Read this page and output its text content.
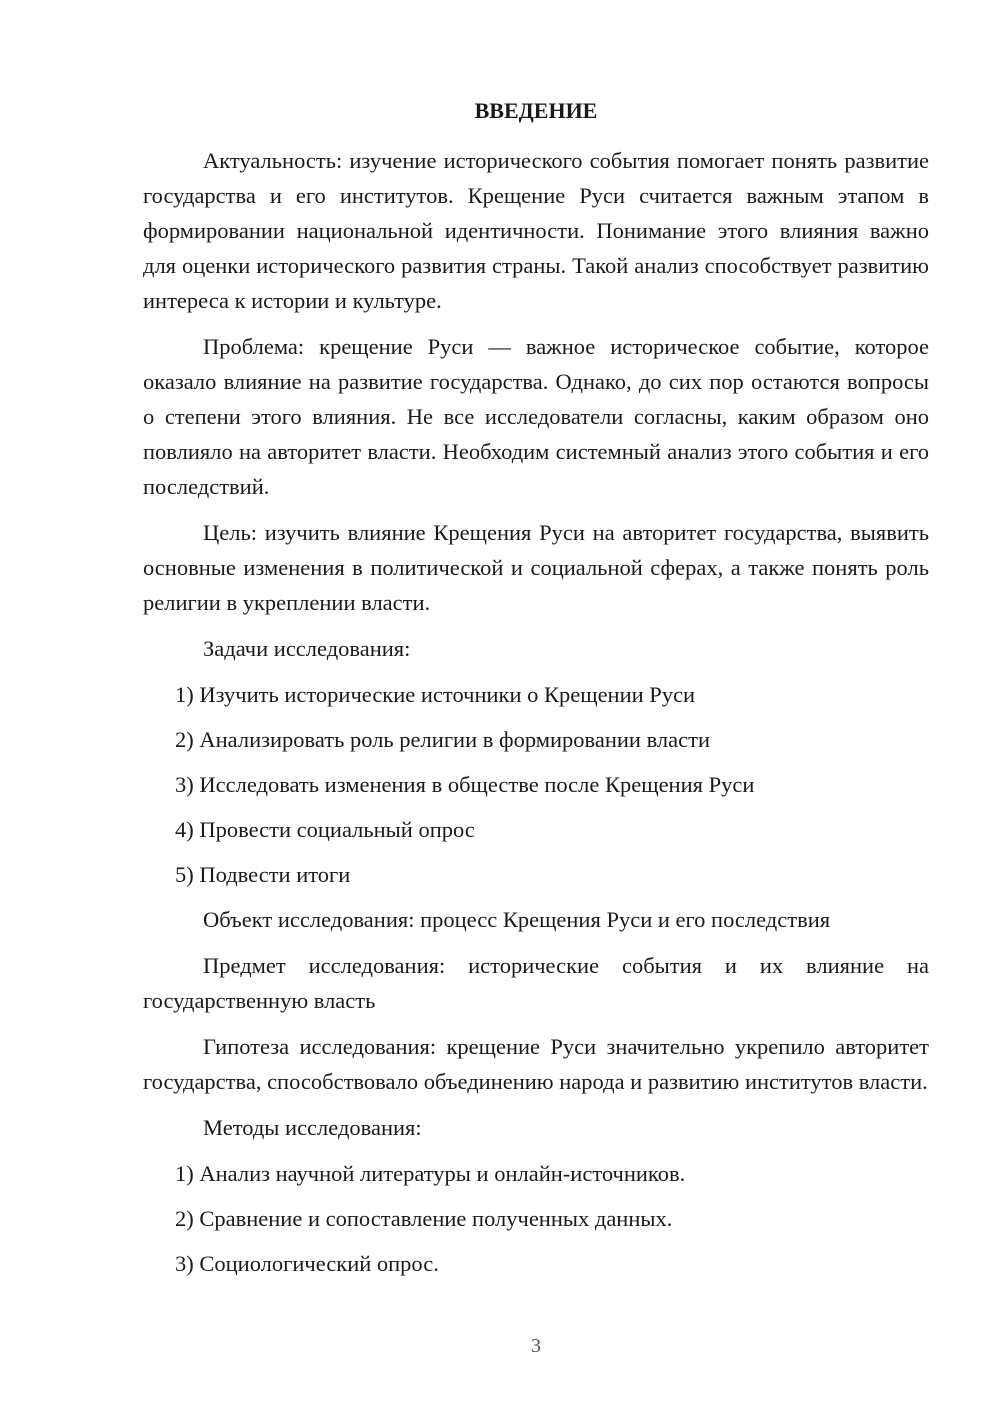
ВВЕДЕНИЕ

Актуальность: изучение исторического события помогает понять развитие государства и его институтов. Крещение Руси считается важным этапом в формировании национальной идентичности. Понимание этого влияния важно для оценки исторического развития страны. Такой анализ способствует развитию интереса к истории и культуре.

Проблема: крещение Руси — важное историческое событие, которое оказало влияние на развитие государства. Однако, до сих пор остаются вопросы о степени этого влияния. Не все исследователи согласны, каким образом оно повлияло на авторитет власти. Необходим системный анализ этого события и его последствий.

Цель: изучить влияние Крещения Руси на авторитет государства, выявить основные изменения в политической и социальной сферах, а также понять роль религии в укреплении власти.

Задачи исследования:

1) Изучить исторические источники о Крещении Руси

2) Анализировать роль религии в формировании власти

3) Исследовать изменения в обществе после Крещения Руси

4) Провести социальный опрос

5) Подвести итоги

Объект исследования: процесс Крещения Руси и его последствия

Предмет исследования: исторические события и их влияние на государственную власть

Гипотеза исследования: крещение Руси значительно укрепило авторитет государства, способствовало объединению народа и развитию институтов власти.

Методы исследования:

1) Анализ научной литературы и онлайн-источников.

2) Сравнение и сопоставление полученных данных.

3) Социологический опрос.

3
